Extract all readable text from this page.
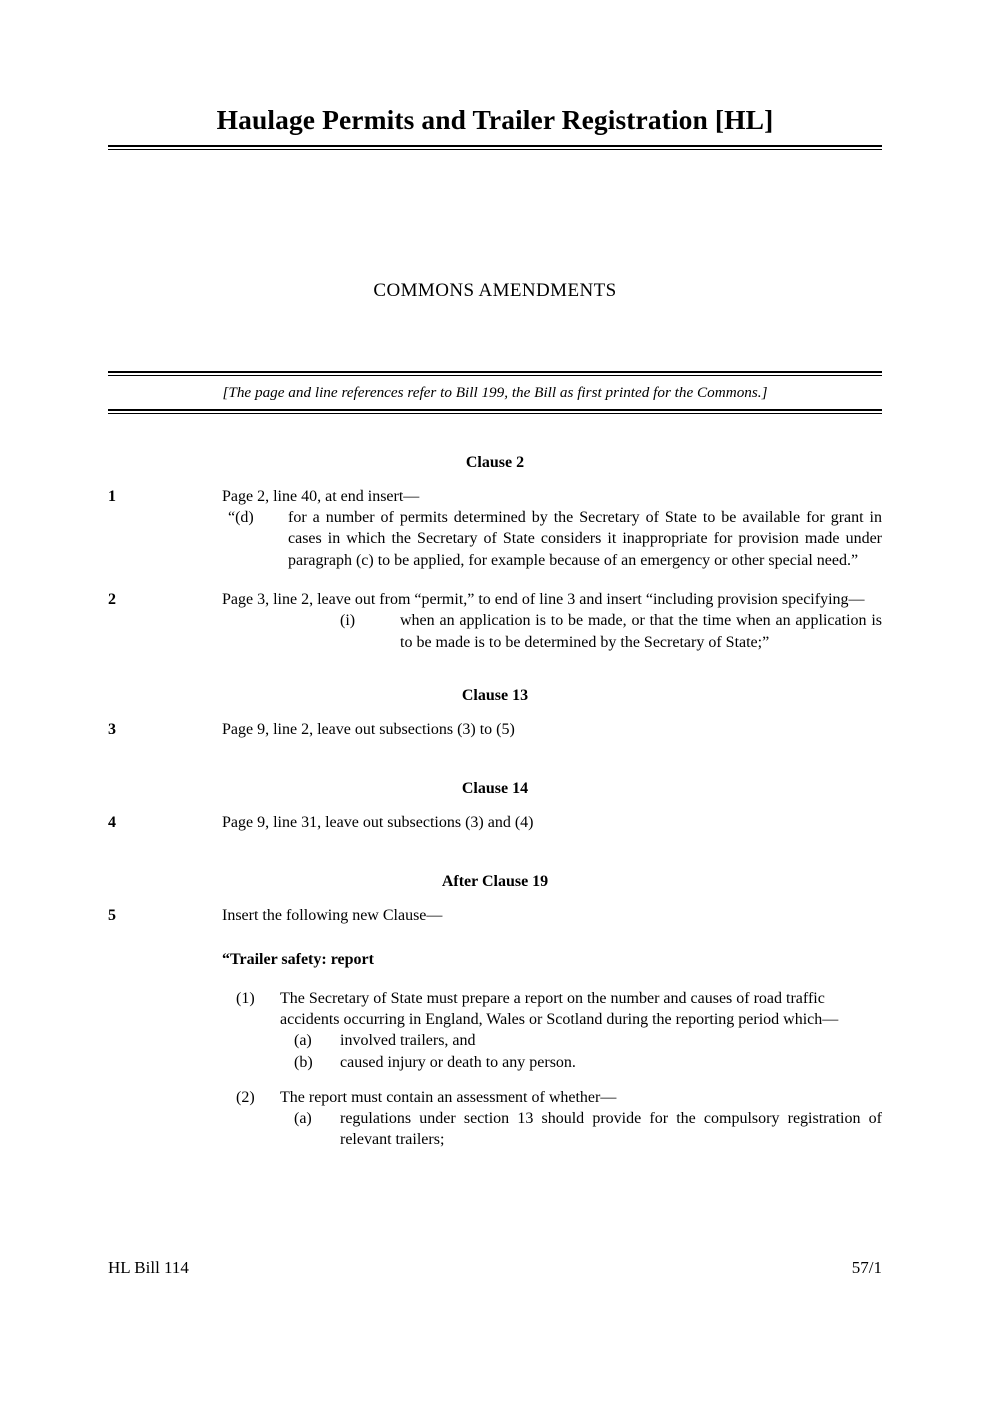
Haulage Permits and Trailer Registration [HL]
COMMONS AMENDMENTS
[The page and line references refer to Bill 199, the Bill as first printed for the Commons.]
Clause 2
1	Page 2, line 40, at end insert—
“(d)	for a number of permits determined by the Secretary of State to be available for grant in cases in which the Secretary of State considers it inappropriate for provision made under paragraph (c) to be applied, for example because of an emergency or other special need.”
2	Page 3, line 2, leave out from “permit,” to end of line 3 and insert “including provision specifying—
(i)	when an application is to be made, or that the time when an application is to be made is to be determined by the Secretary of State;”
Clause 13
3	Page 9, line 2, leave out subsections (3) to (5)
Clause 14
4	Page 9, line 31, leave out subsections (3) and (4)
After Clause 19
5	Insert the following new Clause—
“Trailer safety: report
(1)	The Secretary of State must prepare a report on the number and causes of road traffic accidents occurring in England, Wales or Scotland during the reporting period which—
(a)	involved trailers, and
(b)	caused injury or death to any person.
(2)	The report must contain an assessment of whether—
(a)	regulations under section 13 should provide for the compulsory registration of relevant trailers;
HL Bill 114	57/1
